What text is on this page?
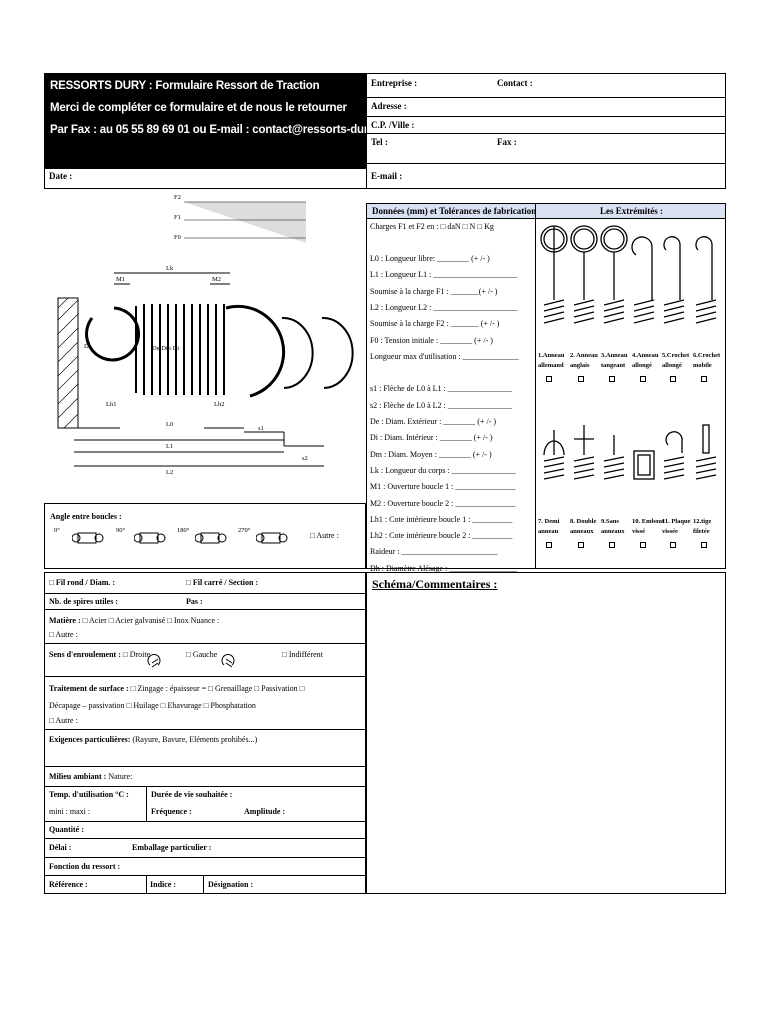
RESSORTS DURY : Formulaire Ressort de Traction
Merci de compléter ce formulaire et de nous le retourner
Par Fax : au 05 55 89 69 01 ou E-mail : contact@ressorts-dury.fr
Entreprise :	Contact :
Adresse :
C.P. /Ville :
Tel :	Fax :
E-mail :
Date :
F2
F1
F0
Lk
M1	M2
Di	De Dm Di
Lh1	Lh2
L0
s1
L1
s2
L2
Données (mm) et Tolérances de fabrication	Les Extrémités :
Charges F1 et F2 en : □ daN □ N □ Kg
L0 : Longueur libre: ________ (+ /- )
L1 : Longueur L1 : _____________________
Soumise à la charge F1 : _______(+ /- )
L2 : Longueur L2 : _____________________
Soumise à la charge F2 : _______ (+ /- )
F0 : Tension initiale : ________ (+ /- )
Longueur max d'utilisation : ______________
s1 : Flèche de L0 à L1 : ________________
s2 : Flèche de L0 à L2 : ________________
De : Diam. Extérieur : ________ (+ /- )
Di : Diam. Intérieur : ________ (+ /- )
Dm : Diam. Moyen : ________ (+ /- )
Lk : Longueur du corps : ________________
M1 : Ouverture boucle 1 : _______________
M2 : Ouverture boucle 2 : _______________
Lh1 : Cote intérieure boucle 1 : __________
Lh2 : Cote intérieure boucle 2 : __________
Raideur : ________________________
Dh : Diamètre Alésage : _________________
1.Anneau
allemand
2. Anneau
anglais
3.Anneau
tangeant
4.Anneau
allongé
5.Crochet
allongé
6.Crochet
mobile
7. Demi
anneau
8. Double
anneaux
9.Sans
anneaux
10. Embout
vissé
11. Plaque
vissée
12.tige
filetée
Angle entre boucles :
0°	90°	180°	270°
□ Autre :
□ Fil rond / Diam. :	□ Fil carré / Section :
Nb. de spires utiles :	Pas :
Matière : □ Acier □ Acier galvanisé □ Inox Nuance :
□ Autre :
Sens d'enroulement : □ Droite	□ Gauche	□ Indifférent
Traitement de surface : □ Zingage : épaisseur = □ Grenaillage □ Passivation □
Décapage – passivation □ Huilage □ Ebavurage □ Phosphatation
□ Autre :
Exigences particulières: (Rayure, Bavure, Eléments prohibés...)
Milieu ambiant : Nature:
Temp. d'utilisation °C :
mini : maxi :
Durée de vie souhaitée :
Fréquence :	Amplitude :
Quantité :
Délai :	Emballage particulier :
Fonction du ressort :
Référence :	Indice :	Désignation :
Schéma/Commentaires :
